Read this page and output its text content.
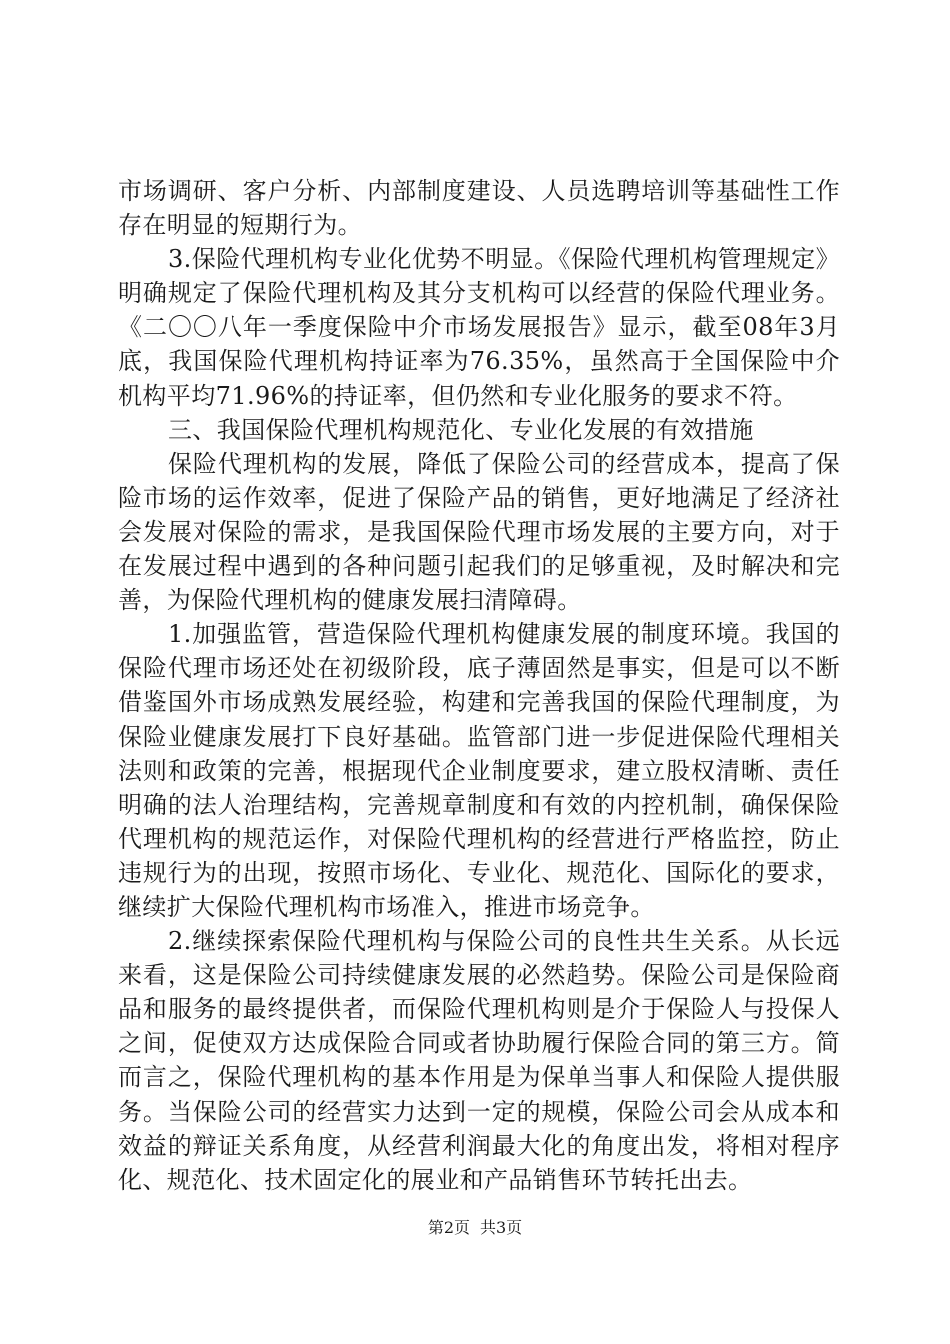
市场调研、客户分析、内部制度建设、人员选聘培训等基础性工作存在明显的短期行为。

3.保险代理机构专业化优势不明显。《保险代理机构管理规定》明确规定了保险代理机构及其分支机构可以经营的保险代理业务。《二〇〇八年一季度保险中介市场发展报告》显示，截至08年3月底，我国保险代理机构持证率为76.35%，虽然高于全国保险中介机构平均71.96%的持证率，但仍然和专业化服务的要求不符。

三、我国保险代理机构规范化、专业化发展的有效措施

保险代理机构的发展，降低了保险公司的经营成本，提高了保险市场的运作效率，促进了保险产品的销售，更好地满足了经济社会发展对保险的需求，是我国保险代理市场发展的主要方向，对于在发展过程中遇到的各种问题引起我们的足够重视，及时解决和完善，为保险代理机构的健康发展扫清障碍。

1.加强监管，营造保险代理机构健康发展的制度环境。我国的保险代理市场还处在初级阶段，底子薄固然是事实，但是可以不断借鉴国外市场成熟发展经验，构建和完善我国的保险代理制度，为保险业健康发展打下良好基础。监管部门进一步促进保险代理相关法则和政策的完善，根据现代企业制度要求，建立股权清晰、责任明确的法人治理结构，完善规章制度和有效的内控机制，确保保险代理机构的规范运作，对保险代理机构的经营进行严格监控，防止违规行为的出现，按照市场化、专业化、规范化、国际化的要求，继续扩大保险代理机构市场准入，推进市场竞争。

2.继续探索保险代理机构与保险公司的良性共生关系。从长远来看，这是保险公司持续健康发展的必然趋势。保险公司是保险商品和服务的最终提供者，而保险代理机构则是介于保险人与投保人之间，促使双方达成保险合同或者协助履行保险合同的第三方。简而言之，保险代理机构的基本作用是为保单当事人和保险人提供服务。当保险公司的经营实力达到一定的规模，保险公司会从成本和效益的辩证关系角度，从经营利润最大化的角度出发，将相对程序化、规范化、技术固定化的展业和产品销售环节转托出去。

第2页 共3页
